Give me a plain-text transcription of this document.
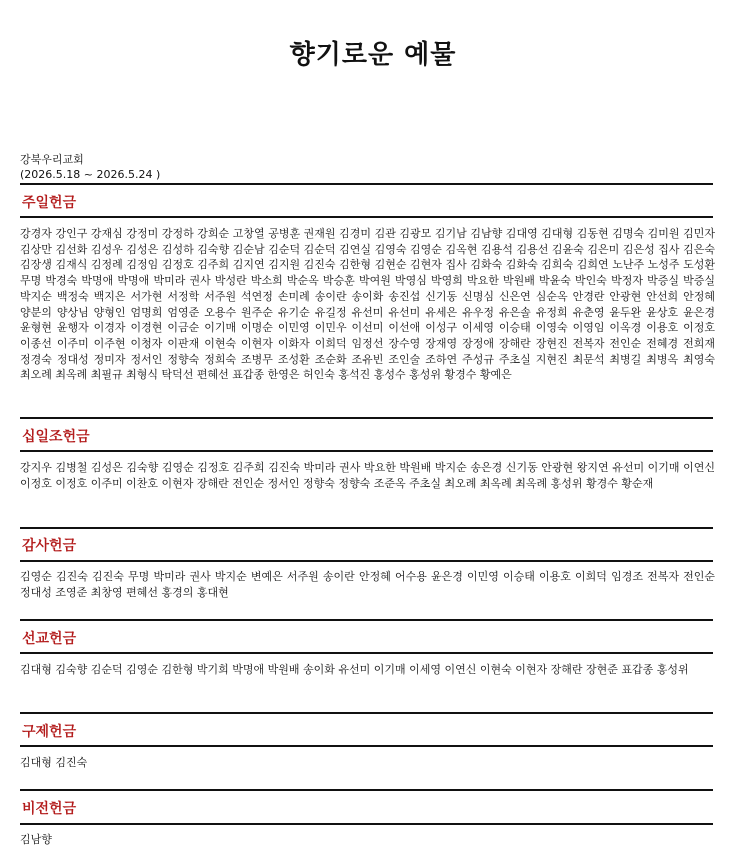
향기로운 예물
강북우리교회
(2026.5.18 ~ 2026.5.24 )
주일헌금
강경자 강인구 강재심 강정미 강정하 강희순 고창열 공병훈 권재원 김경미 김관 김광모 김기남 김남향 김대영 김대형 김동현 김명숙 김미원 김민자 김상만 김선화 김성우 김성은 김성하 김숙향 김순남 김순덕 김순덕 김연실 김영숙 김영순 김옥현 김용석 김용선 김윤숙 김은미 김은성 집사 김은숙 김장생 김재식 김정례 김정임 김정호 김주희 김지연 김지원 김진숙 김한형 김현순 김현자 집사 김화숙 김화숙 김희숙 김희연 노난주 노성주 도성환 무명 박경숙 박명애 박명애 박미라 권사 박성란 박소희 박순옥 박승훈 박여원 박영심 박영희 박요한 박원배 박윤숙 박인숙 박정자 박증실 박증실 박지순 백정숙 백지은 서가현 서정학 서주원 석연정 손미례 송이란 송이화 송진섭 신기동 신명심 신은연 심순옥 안경란 안광현 안선희 안정혜 양분의 양상님 양형인 엄명희 엄영준 오용수 원주순 유기순 유길정 유선미 유선미 유세은 유우정 유은솔 유정희 유춘영 윤두완 윤상호 윤은경 윤형현 윤행자 이경자 이경현 이금순 이기매 이명순 이민영 이민우 이선미 이선애 이성구 이세영 이승태 이영숙 이영임 이옥경 이용호 이정호 이종선 이주미 이주현 이청자 이판재 이현숙 이현자 이화자 이희덕 임정선 장수영 장재영 장정애 장해란 장현진 전복자 전인순 전혜경 전희재 정경숙 정대성 정미자 정서인 정향숙 정희숙 조병무 조성환 조순화 조유빈 조인술 조하연 주성규 주초실 지현진 최문석 최병길 최병옥 최영숙 최오례 최옥례 최필규 최형식 탁덕선 편혜선 표갑종 한영은 허인숙 홍석진 홍성수 홍성위 황경수 황예은
십일조헌금
강지우 김병철 김성은 김숙향 김영순 김정호 김주희 김진숙 박미라 권사 박요한 박원배 박지순 송은경 신기동 안광현 왕지연 유선미 이기매 이연신 이정호 이정호 이주미 이찬호 이현자 장해란 전인순 정서인 정향숙 정향숙 조준옥 주초실 최오례 최옥례 최옥례 홍성위 황경수 황순재
감사헌금
김영순 김진숙 김진숙 무명 박미라 권사 박지순 변예은 서주원 송이란 안정혜 어수용 윤은경 이민영 이승태 이용호 이희덕 임경조 전복자 전인순 정대성 조영준 최창영 편혜선 홍경의 홍대현
선교헌금
김대형 김숙향 김순덕 김영순 김한형 박기희 박명애 박원배 송이화 유선미 이기매 이세영 이연신 이현숙 이현자 장해란 장현준 표갑종 홍성위
구제헌금
김대형 김진숙
비전헌금
김남향
